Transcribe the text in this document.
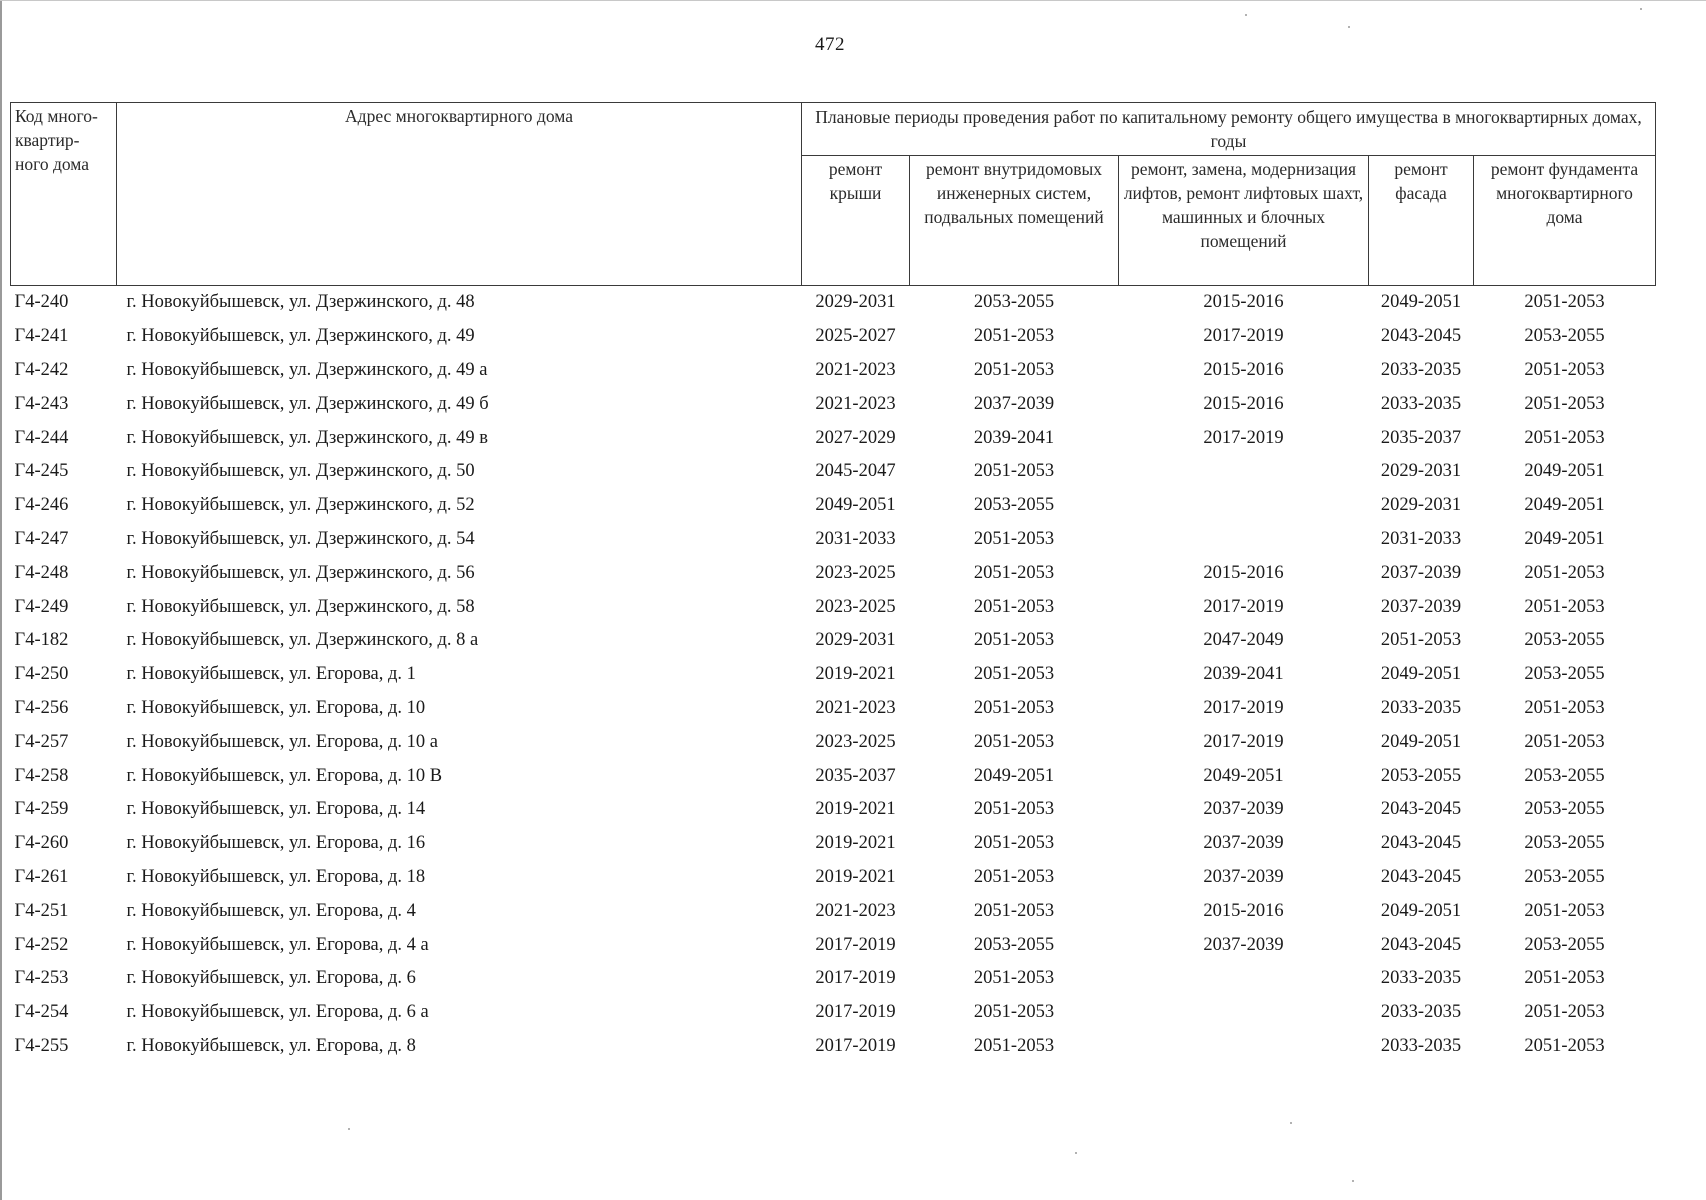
472
Код много-квартир-ного дома	Адрес многоквартирного дома	Плановые периоды проведения работ по капитальному ремонту общего имущества в многоквартирных домах, годы				
		ремонт крыши	ремонт внутридомовых инженерных систем, подвальных помещений	ремонт, замена, модернизация лифтов, ремонт лифтовых шахт, машинных и блочных помещений	ремонт фасада	ремонт фундамента многоквартирного дома
Г4-240	г. Новокуйбышевск, ул. Дзержинского, д. 48	2029-2031	2053-2055	2015-2016	2049-2051	2051-2053
Г4-241	г. Новокуйбышевск, ул. Дзержинского, д. 49	2025-2027	2051-2053	2017-2019	2043-2045	2053-2055
Г4-242	г. Новокуйбышевск, ул. Дзержинского, д. 49 а	2021-2023	2051-2053	2015-2016	2033-2035	2051-2053
Г4-243	г. Новокуйбышевск, ул. Дзержинского, д. 49 б	2021-2023	2037-2039	2015-2016	2033-2035	2051-2053
Г4-244	г. Новокуйбышевск, ул. Дзержинского, д. 49 в	2027-2029	2039-2041	2017-2019	2035-2037	2051-2053
Г4-245	г. Новокуйбышевск, ул. Дзержинского, д. 50	2045-2047	2051-2053		2029-2031	2049-2051
Г4-246	г. Новокуйбышевск, ул. Дзержинского, д. 52	2049-2051	2053-2055		2029-2031	2049-2051
Г4-247	г. Новокуйбышевск, ул. Дзержинского, д. 54	2031-2033	2051-2053		2031-2033	2049-2051
Г4-248	г. Новокуйбышевск, ул. Дзержинского, д. 56	2023-2025	2051-2053	2015-2016	2037-2039	2051-2053
Г4-249	г. Новокуйбышевск, ул. Дзержинского, д. 58	2023-2025	2051-2053	2017-2019	2037-2039	2051-2053
Г4-182	г. Новокуйбышевск, ул. Дзержинского, д. 8 а	2029-2031	2051-2053	2047-2049	2051-2053	2053-2055
Г4-250	г. Новокуйбышевск, ул. Егорова, д. 1	2019-2021	2051-2053	2039-2041	2049-2051	2053-2055
Г4-256	г. Новокуйбышевск, ул. Егорова, д. 10	2021-2023	2051-2053	2017-2019	2033-2035	2051-2053
Г4-257	г. Новокуйбышевск, ул. Егорова, д. 10 а	2023-2025	2051-2053	2017-2019	2049-2051	2051-2053
Г4-258	г. Новокуйбышевск, ул. Егорова, д. 10 В	2035-2037	2049-2051	2049-2051	2053-2055	2053-2055
Г4-259	г. Новокуйбышевск, ул. Егорова, д. 14	2019-2021	2051-2053	2037-2039	2043-2045	2053-2055
Г4-260	г. Новокуйбышевск, ул. Егорова, д. 16	2019-2021	2051-2053	2037-2039	2043-2045	2053-2055
Г4-261	г. Новокуйбышевск, ул. Егорова, д. 18	2019-2021	2051-2053	2037-2039	2043-2045	2053-2055
Г4-251	г. Новокуйбышевск, ул. Егорова, д. 4	2021-2023	2051-2053	2015-2016	2049-2051	2051-2053
Г4-252	г. Новокуйбышевск, ул. Егорова, д. 4 а	2017-2019	2053-2055	2037-2039	2043-2045	2053-2055
Г4-253	г. Новокуйбышевск, ул. Егорова, д. 6	2017-2019	2051-2053		2033-2035	2051-2053
Г4-254	г. Новокуйбышевск, ул. Егорова, д. 6 а	2017-2019	2051-2053		2033-2035	2051-2053
Г4-255	г. Новокуйбышевск, ул. Егорова, д. 8	2017-2019	2051-2053		2033-2035	2051-2053
